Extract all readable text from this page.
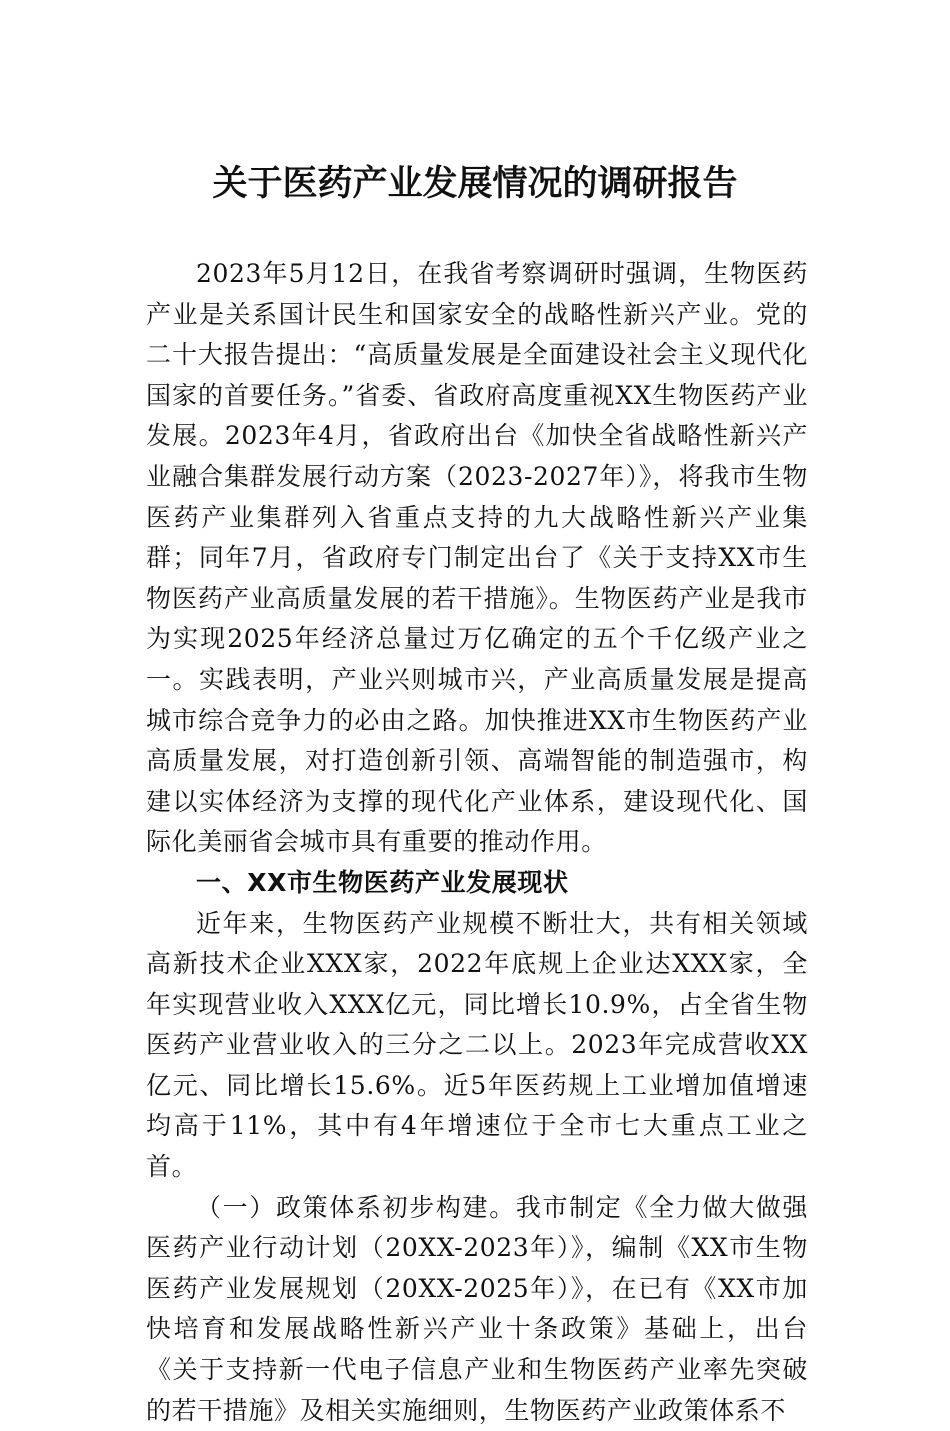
关于医药产业发展情况的调研报告

2023年5月12日，在我省考察调研时强调，生物医药产业是关系国计民生和国家安全的战略性新兴产业。党的二十大报告提出：“高质量发展是全面建设社会主义现代化国家的首要任务。”省委、省政府高度重视XX生物医药产业发展。2023年4月，省政府出台《加快全省战略性新兴产业融合集群发展行动方案（2023-2027年）》，将我市生物医药产业集群列入省重点支持的九大战略性新兴产业集群；同年7月，省政府专门制定出台了《关于支持XX市生物医药产业高质量发展的若干措施》。生物医药产业是我市为实现2025年经济总量过万亿确定的五个千亿级产业之一。实践表明，产业兴则城市兴，产业高质量发展是提高城市综合竞争力的必由之路。加快推进XX市生物医药产业高质量发展，对打造创新引领、高端智能的制造强市，构建以实体经济为支撑的现代化产业体系，建设现代化、国际化美丽省会城市具有重要的推动作用。

一、XX市生物医药产业发展现状

近年来，生物医药产业规模不断壮大，共有相关领域高新技术企业XXX家，2022年底规上企业达XXX家，全年实现营业收入XXX亿元，同比增长10.9%，占全省生物医药产业营业收入的三分之二以上。2023年完成营收XX亿元、同比增长15.6%。近5年医药规上工业增加值增速均高于11%，其中有4年增速位于全市七大重点工业之首。

（一）政策体系初步构建。我市制定《全力做大做强医药产业行动计划（20XX-2023年）》，编制《XX市生物医药产业发展规划（20XX-2025年）》，在已有《XX市加快培育和发展战略性新兴产业十条政策》基础上，出台《关于支持新一代电子信息产业和生物医药产业率先突破的若干措施》及相关实施细则，生物医药产业政策体系不
